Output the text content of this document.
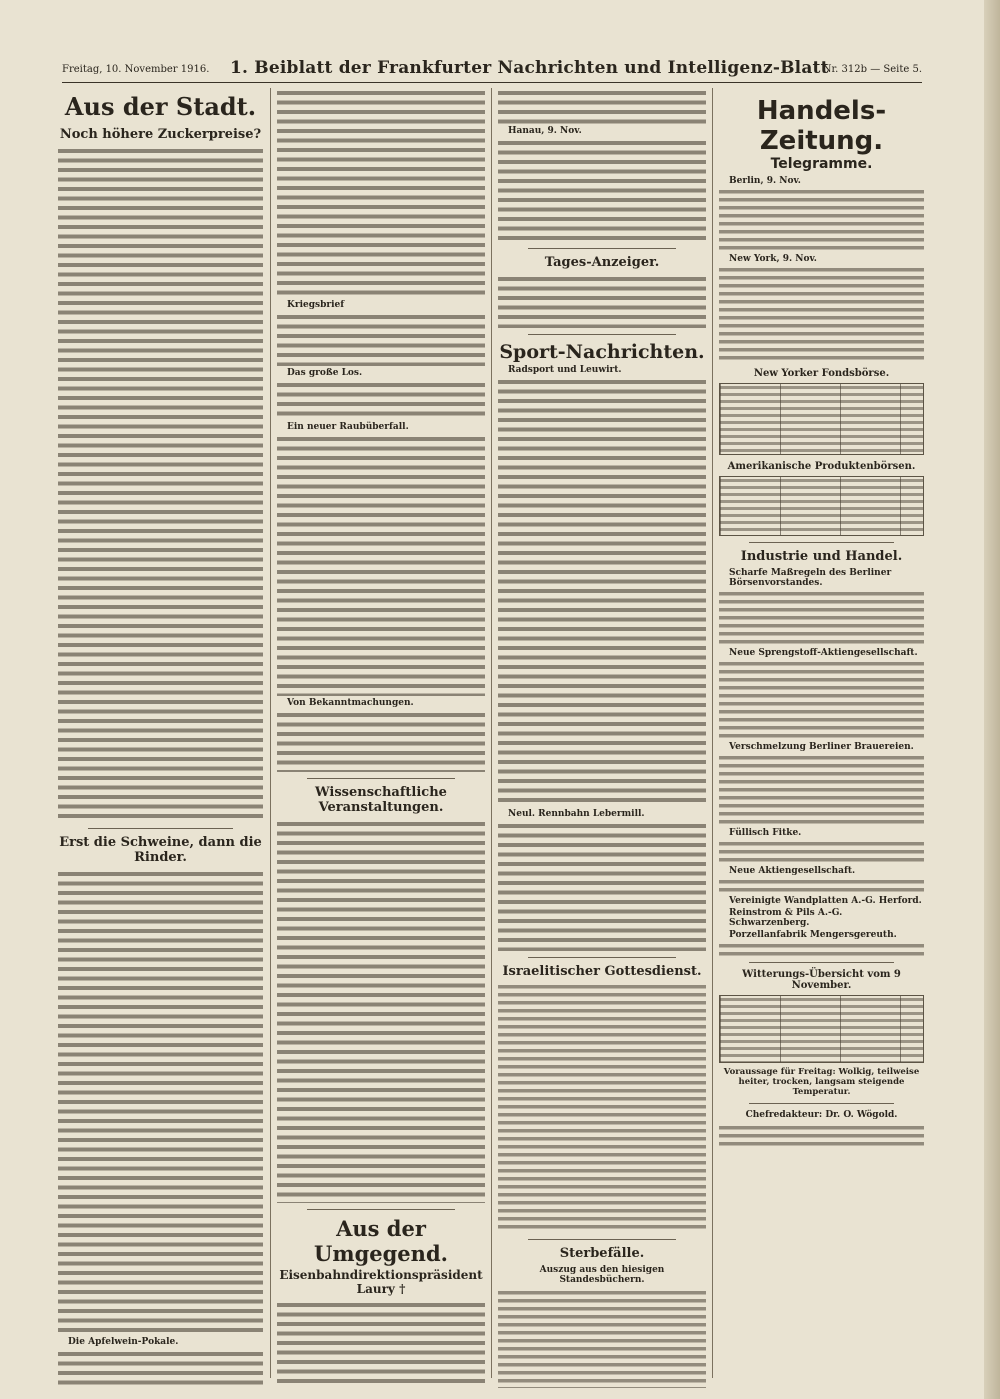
Freitag, 10. November 1916. 1. Beiblatt der Frankfurter Nachrichten und Intelligenz-Blatt
Nr. 312b — Seite 5.
Aus der Stadt.
Noch höhere Zuckerpreise?
Erst die Schweine, dann die Rinder.
Die Apfelwein-Pokale.
Kriegsbrief
Das große Los.
Ein neuer Raubüberfall.
Von Bekanntmachungen.
Wissenschaftliche Veranstaltungen.
Aus der Umgegend.
Eisenbahndirektionspräsident Laury †
Hanau, 9. Nov.
Tages-Anzeiger.
Sport-Nachrichten.
Radsport und Leuwirt.
Neul. Rennbahn Lebermill.
Israelitischer Gottesdienst.
Sterbefälle.
Auszug aus den hiesigen Standesbüchern.
Handels-Zeitung.
Telegramme.
Berlin, 9. Nov.
New York, 9. Nov.
New Yorker Fondsbörse.
Amerikanische Produktenbörsen.
Industrie und Handel.
Scharfe Maßregeln des Berliner Börsenvorstandes.
Neue Sprengstoff-Aktiengesellschaft.
Verschmelzung Berliner Brauereien.
Füllisch Fitke.
Neue Aktiengesellschaft.
Vereinigte Wandplatten A.-G. Herford.
Reinstrom & Pils A.-G. Schwarzenberg.
Porzellanfabrik Mengersgereuth.
Witterungs-Übersicht vom 9 November.
Voraussage für Freitag: Wolkig, teilweise heiter, trocken, langsam steigende Temperatur.
Chefredakteur: Dr. O. Wögold.
